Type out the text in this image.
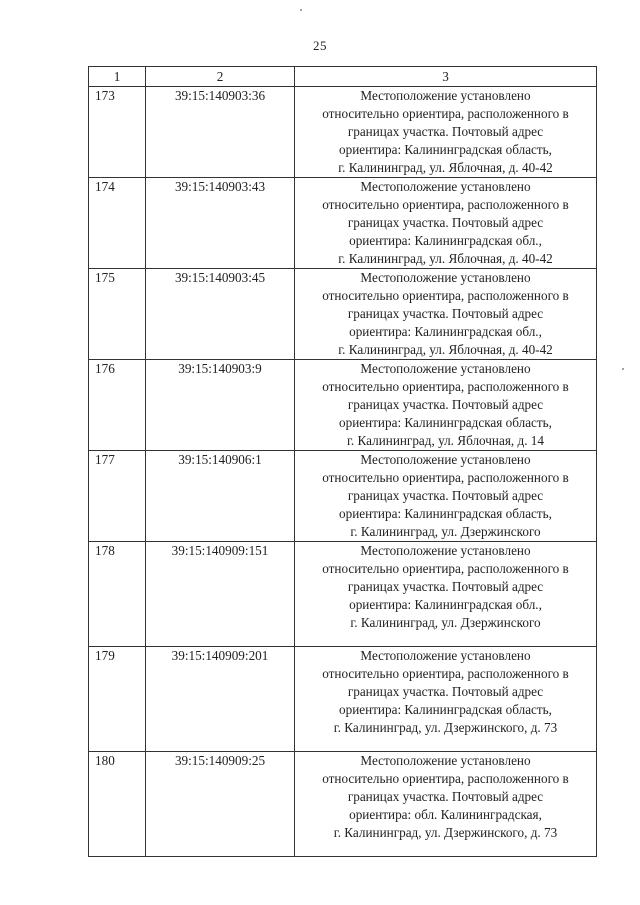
25
1	2	3
173	39:15:140903:36	Местоположение установлено
относительно ориентира, расположенного в
границах участка. Почтовый адрес
ориентира: Калининградская область,
г. Калининград, ул. Яблочная, д. 40-42

174	39:15:140903:43	Местоположение установлено
относительно ориентира, расположенного в
границах участка. Почтовый адрес
ориентира: Калининградская обл.,
г. Калининград, ул. Яблочная, д. 40-42

175	39:15:140903:45	Местоположение установлено
относительно ориентира, расположенного в
границах участка. Почтовый адрес
ориентира: Калининградская обл.,
г. Калининград, ул. Яблочная, д. 40-42

176	39:15:140903:9	Местоположение установлено
относительно ориентира, расположенного в
границах участка. Почтовый адрес
ориентира: Калининградская область,
г. Калининград, ул. Яблочная, д. 14

177	39:15:140906:1	Местоположение установлено
относительно ориентира, расположенного в
границах участка. Почтовый адрес
ориентира: Калининградская область,
г. Калининград, ул. Дзержинского

178	39:15:140909:151	Местоположение установлено
относительно ориентира, расположенного в
границах участка. Почтовый адрес
ориентира: Калининградская обл.,
г. Калининград, ул. Дзержинского

179	39:15:140909:201	Местоположение установлено
относительно ориентира, расположенного в
границах участка. Почтовый адрес
ориентира: Калининградская область,
г. Калининград, ул. Дзержинского, д. 73

180	39:15:140909:25	Местоположение установлено
относительно ориентира, расположенного в
границах участка. Почтовый адрес
ориентира: обл. Калининградская,
г. Калининград, ул. Дзержинского, д. 73
